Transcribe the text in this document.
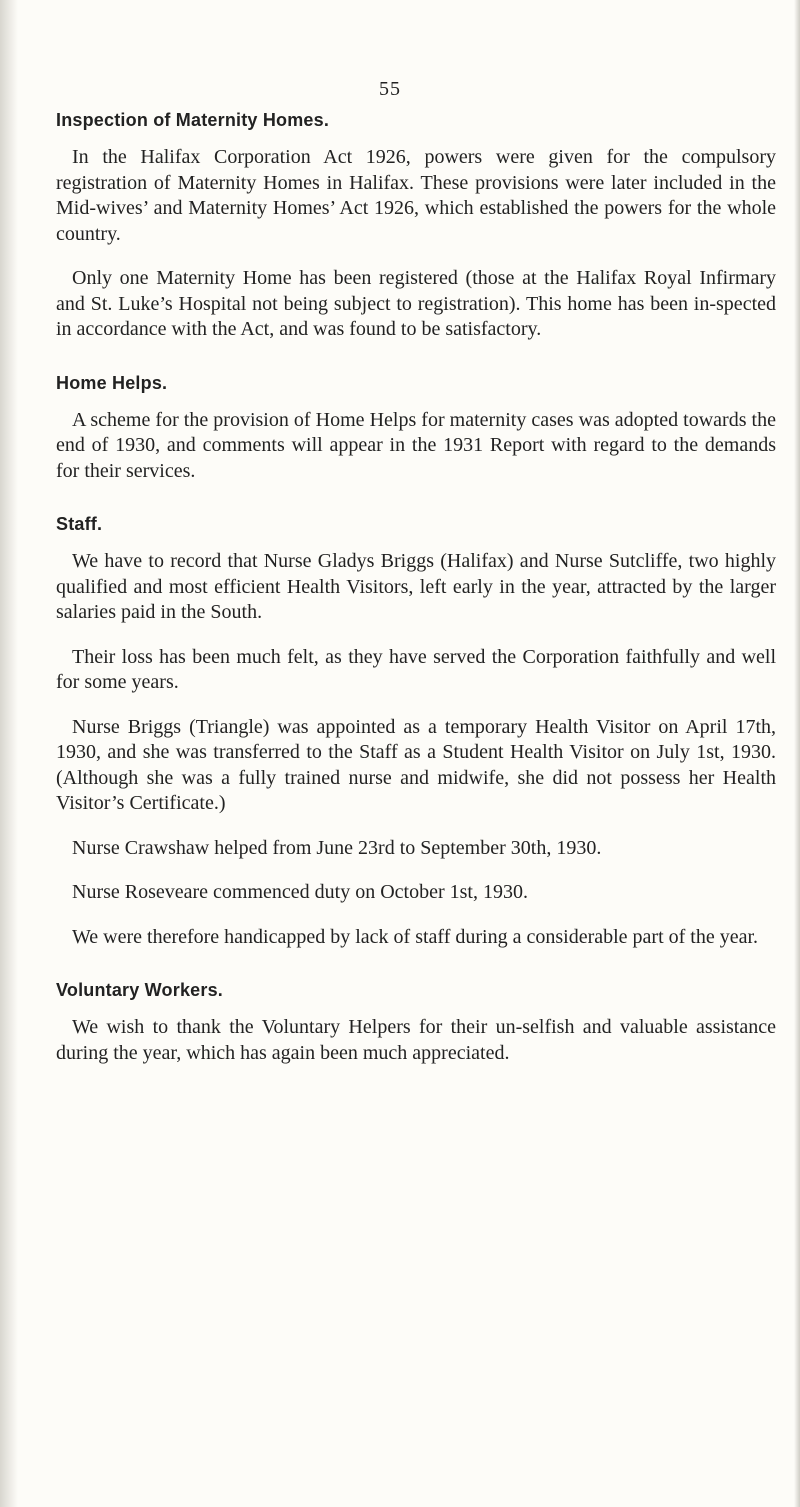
55
Inspection of Maternity Homes.

In the Halifax Corporation Act 1926, powers were given for the compulsory registration of Maternity Homes in Halifax. These provisions were later included in the Mid-wives’ and Maternity Homes’ Act 1926, which established the powers for the whole country.

Only one Maternity Home has been registered (those at the Halifax Royal Infirmary and St. Luke’s Hospital not being subject to registration). This home has been in-spected in accordance with the Act, and was found to be satisfactory.

Home Helps.

A scheme for the provision of Home Helps for maternity cases was adopted towards the end of 1930, and comments will appear in the 1931 Report with regard to the demands for their services.

Staff.

We have to record that Nurse Gladys Briggs (Halifax) and Nurse Sutcliffe, two highly qualified and most efficient Health Visitors, left early in the year, attracted by the larger salaries paid in the South.

Their loss has been much felt, as they have served the Corporation faithfully and well for some years.

Nurse Briggs (Triangle) was appointed as a temporary Health Visitor on April 17th, 1930, and she was transferred to the Staff as a Student Health Visitor on July 1st, 1930. (Although she was a fully trained nurse and midwife, she did not possess her Health Visitor’s Certificate.)

Nurse Crawshaw helped from June 23rd to September 30th, 1930.

Nurse Roseveare commenced duty on October 1st, 1930.

We were therefore handicapped by lack of staff during a considerable part of the year.

Voluntary Workers.

We wish to thank the Voluntary Helpers for their un-selfish and valuable assistance during the year, which has again been much appreciated.
